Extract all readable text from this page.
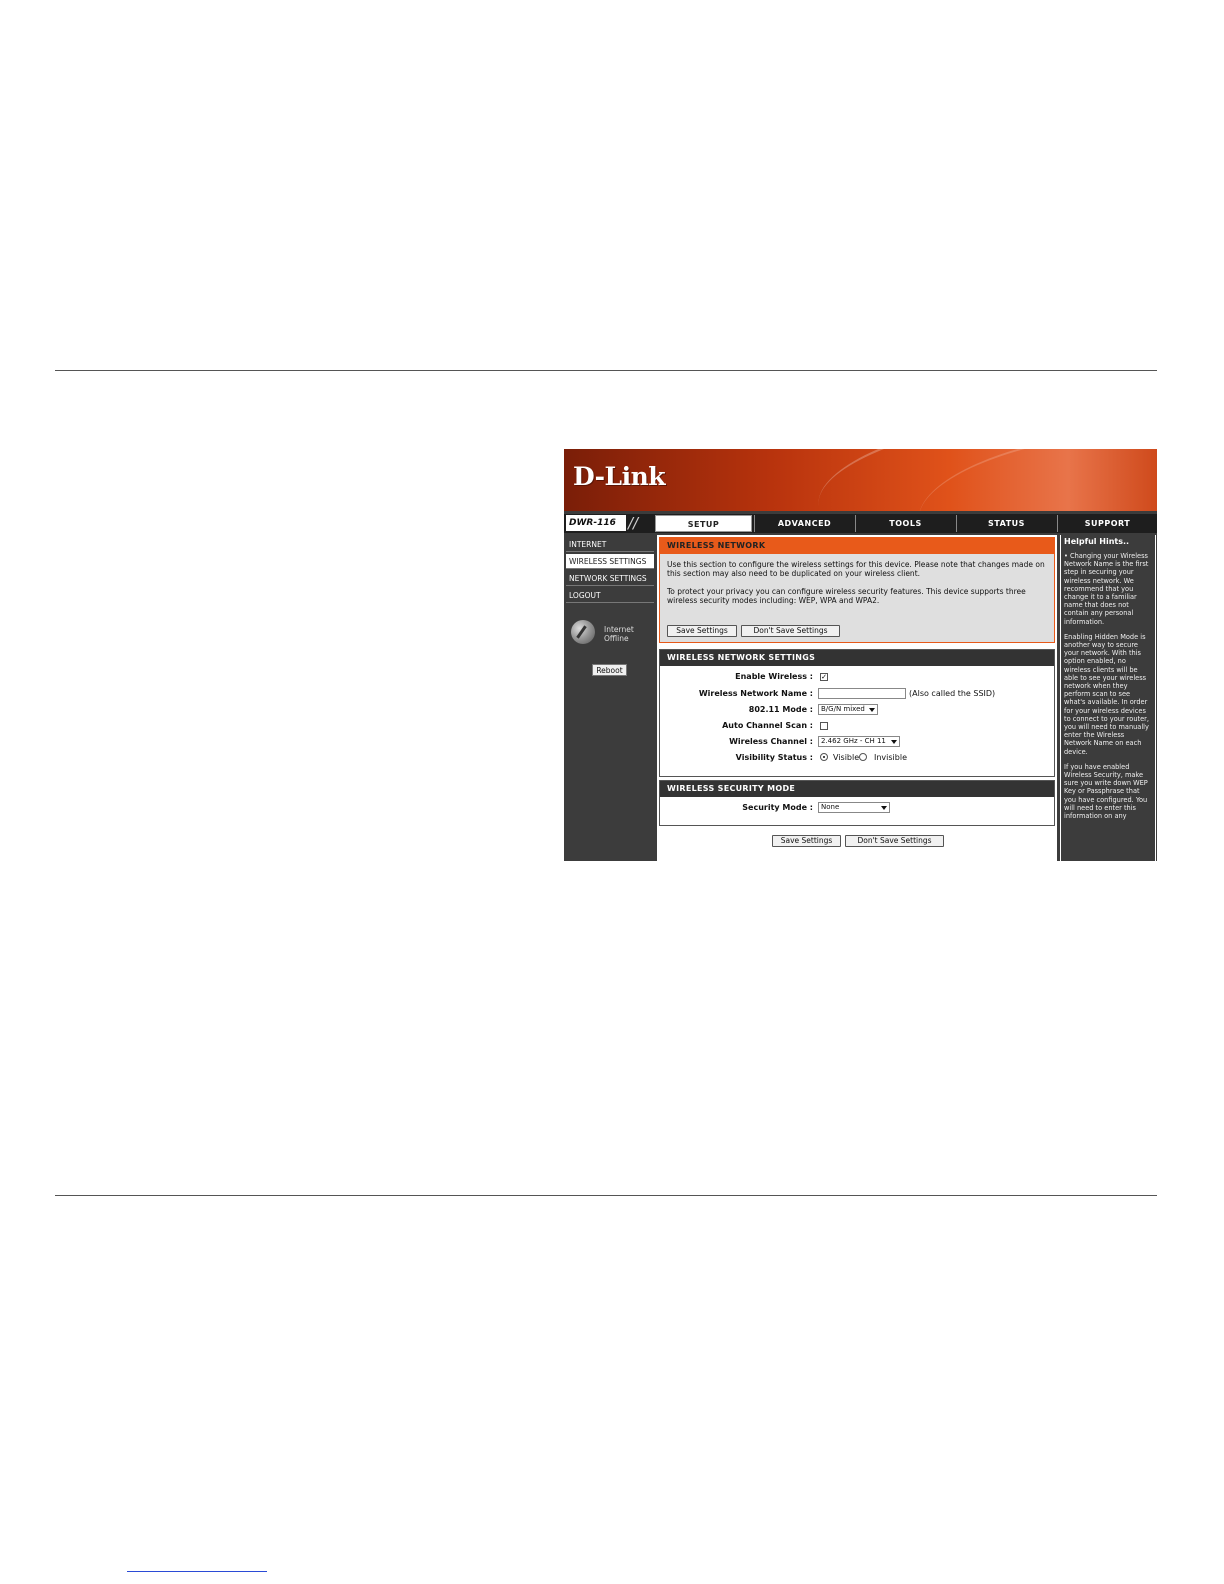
D-Link
DWR-116 //	SETUP	ADVANCED	TOOLS	STATUS	SUPPORT
INTERNET
WIRELESS SETTINGS
NETWORK SETTINGS
LOGOUT
Internet
Offline
Reboot
WIRELESS NETWORK

Use this section to configure the wireless settings for this device. Please note that changes made on this section may also need to be duplicated on your wireless client.

To protect your privacy you can configure wireless security features. This device supports three wireless security modes including: WEP, WPA and WPA2.

Save Settings	Don't Save Settings
WIRELESS NETWORK SETTINGS
Enable Wireless : ✓
Wireless Network Name :	(Also called the SSID)
802.11 Mode :	B/G/N mixed
Auto Channel Scan :
Wireless Channel :	2.462 GHz - CH 11
Visibility Status :	Visible Invisible
WIRELESS SECURITY MODE
Security Mode :	None
Save Settings	Don't Save Settings
Helpful Hints..

• Changing your Wireless Network Name is the first step in securing your wireless network. We recommend that you change it to a familiar name that does not contain any personal information.

Enabling Hidden Mode is another way to secure your network. With this option enabled, no wireless clients will be able to see your wireless network when they perform scan to see what's available. In order for your wireless devices to connect to your router, you will need to manually enter the Wireless Network Name on each device.

If you have enabled Wireless Security, make sure you write down WEP Key or Passphrase that you have configured. You will need to enter this information on any
